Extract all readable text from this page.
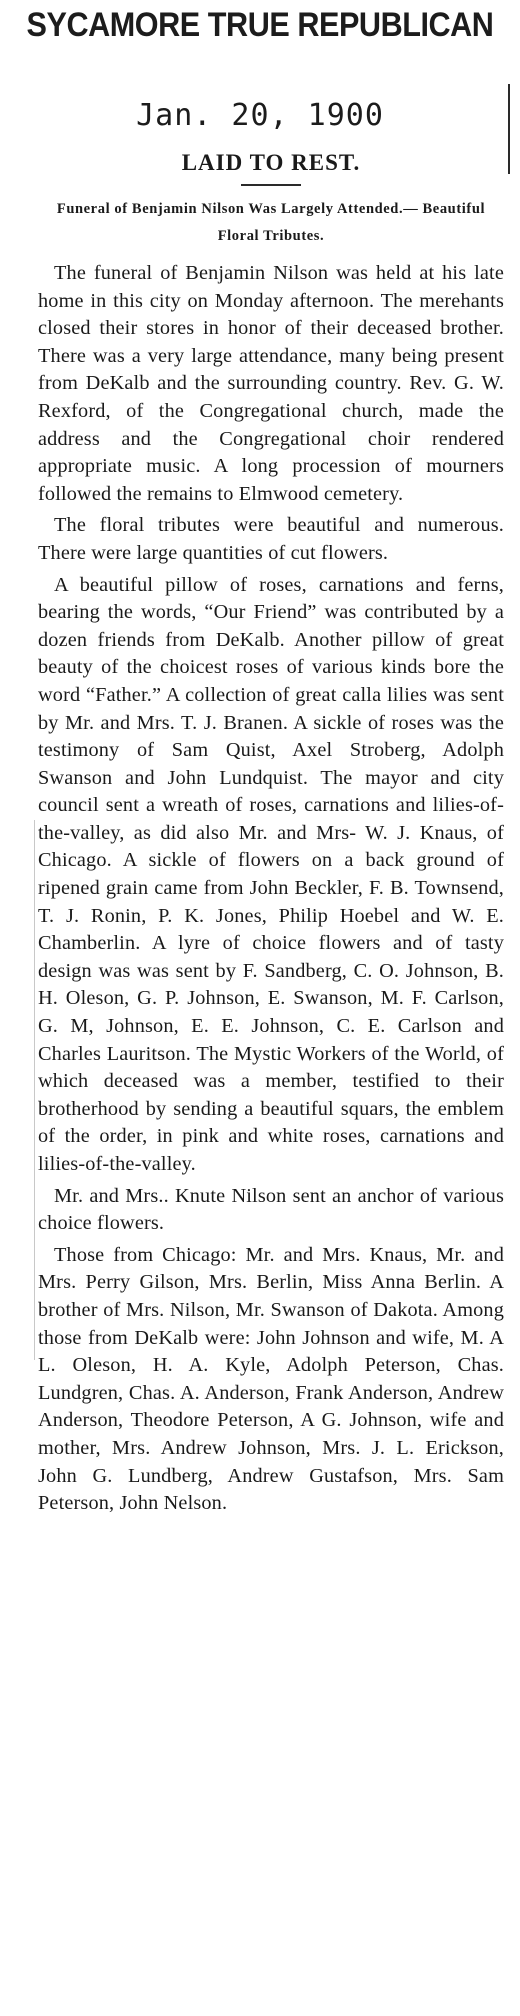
SYCAMORE TRUE REPUBLICAN
Jan. 20, 1900
LAID TO REST.
Funeral of Benjamin Nilson Was Largely Attended.— Beautiful Floral Tributes.

The funeral of Benjamin Nilson was held at his late home in this city on Monday afternoon. The merehants closed their stores in honor of their deceased brother. There was a very large attendance, many being present from DeKalb and the surrounding country. Rev. G. W. Rexford, of the Congregational church, made the address and the Congregational choir rendered appropriate music. A long procession of mourners followed the remains to Elmwood cemetery.

The floral tributes were beautiful and numerous. There were large quantities of cut flowers.

A beautiful pillow of roses, carnations and ferns, bearing the words, “Our Friend” was contributed by a dozen friends from DeKalb. Another pillow of great beauty of the choicest roses of various kinds bore the word “Father.” A collection of great calla lilies was sent by Mr. and Mrs. T. J. Branen. A sickle of roses was the testimony of Sam Quist, Axel Stroberg, Adolph Swanson and John Lundquist. The mayor and city council sent a wreath of roses, carnations and lilies-of-the-valley, as did also Mr. and Mrs- W. J. Knaus, of Chicago. A sickle of flowers on a back ground of ripened grain came from John Beckler, F. B. Townsend, T. J. Ronin, P. K. Jones, Philip Hoebel and W. E. Chamberlin. A lyre of choice flowers and of tasty design was was sent by F. Sandberg, C. O. Johnson, B. H. Oleson, G. P. Johnson, E. Swanson, M. F. Carlson, G. M, Johnson, E. E. Johnson, C. E. Carlson and Charles Lauritson. The Mystic Workers of the World, of which deceased was a member, testified to their brotherhood by sending a beautiful squars, the emblem of the order, in pink and white roses, carnations and lilies-of-the-valley.

Mr. and Mrs.. Knute Nilson sent an anchor of various choice flowers.

Those from Chicago: Mr. and Mrs. Knaus, Mr. and Mrs. Perry Gilson, Mrs. Berlin, Miss Anna Berlin. A brother of Mrs. Nilson, Mr. Swanson of Dakota. Among those from DeKalb were: John Johnson and wife, M. A L. Oleson, H. A. Kyle, Adolph Peterson, Chas. Lundgren, Chas. A. Anderson, Frank Anderson, Andrew Anderson, Theodore Peterson, A G. Johnson, wife and mother, Mrs. Andrew Johnson, Mrs. J. L. Erickson, John G. Lundberg, Andrew Gustafson, Mrs. Sam Peterson, John Nelson.
